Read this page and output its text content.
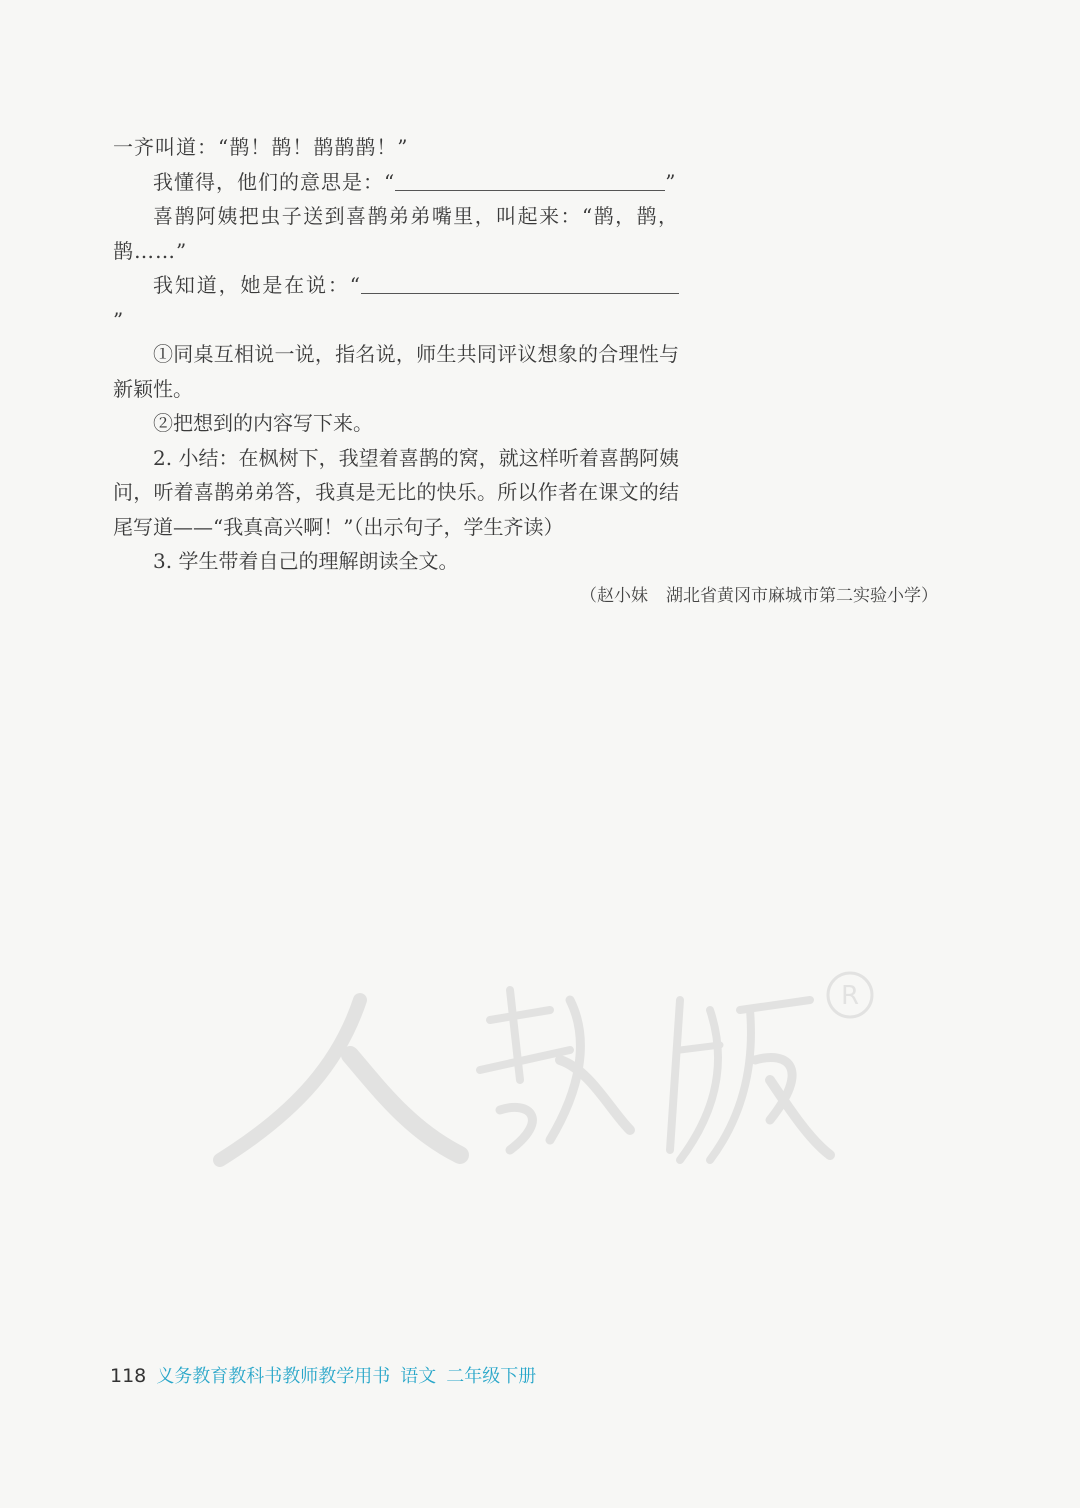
一齐叫道：“鹊！鹊！鹊鹊鹊！”

我懂得，他们的意思是：“	”

喜鹊阿姨把虫子送到喜鹊弟弟嘴里，叫起来：“鹊，鹊，鹊……”

我知道，她是在说：“”

①同桌互相说一说，指名说，师生共同评议想象的合理性与新颖性。

②把想到的内容写下来。

2. 小结：在枫树下，我望着喜鹊的窝，就这样听着喜鹊阿姨问，听着喜鹊弟弟答，我真是无比的快乐。所以作者在课文的结尾写道——“我真高兴啊！”（出示句子，学生齐读）

3. 学生带着自己的理解朗读全文。

（赵小妹 湖北省黄冈市麻城市第二实验小学）
R
118 义务教育教科书教师教学用书 语文 二年级下册
